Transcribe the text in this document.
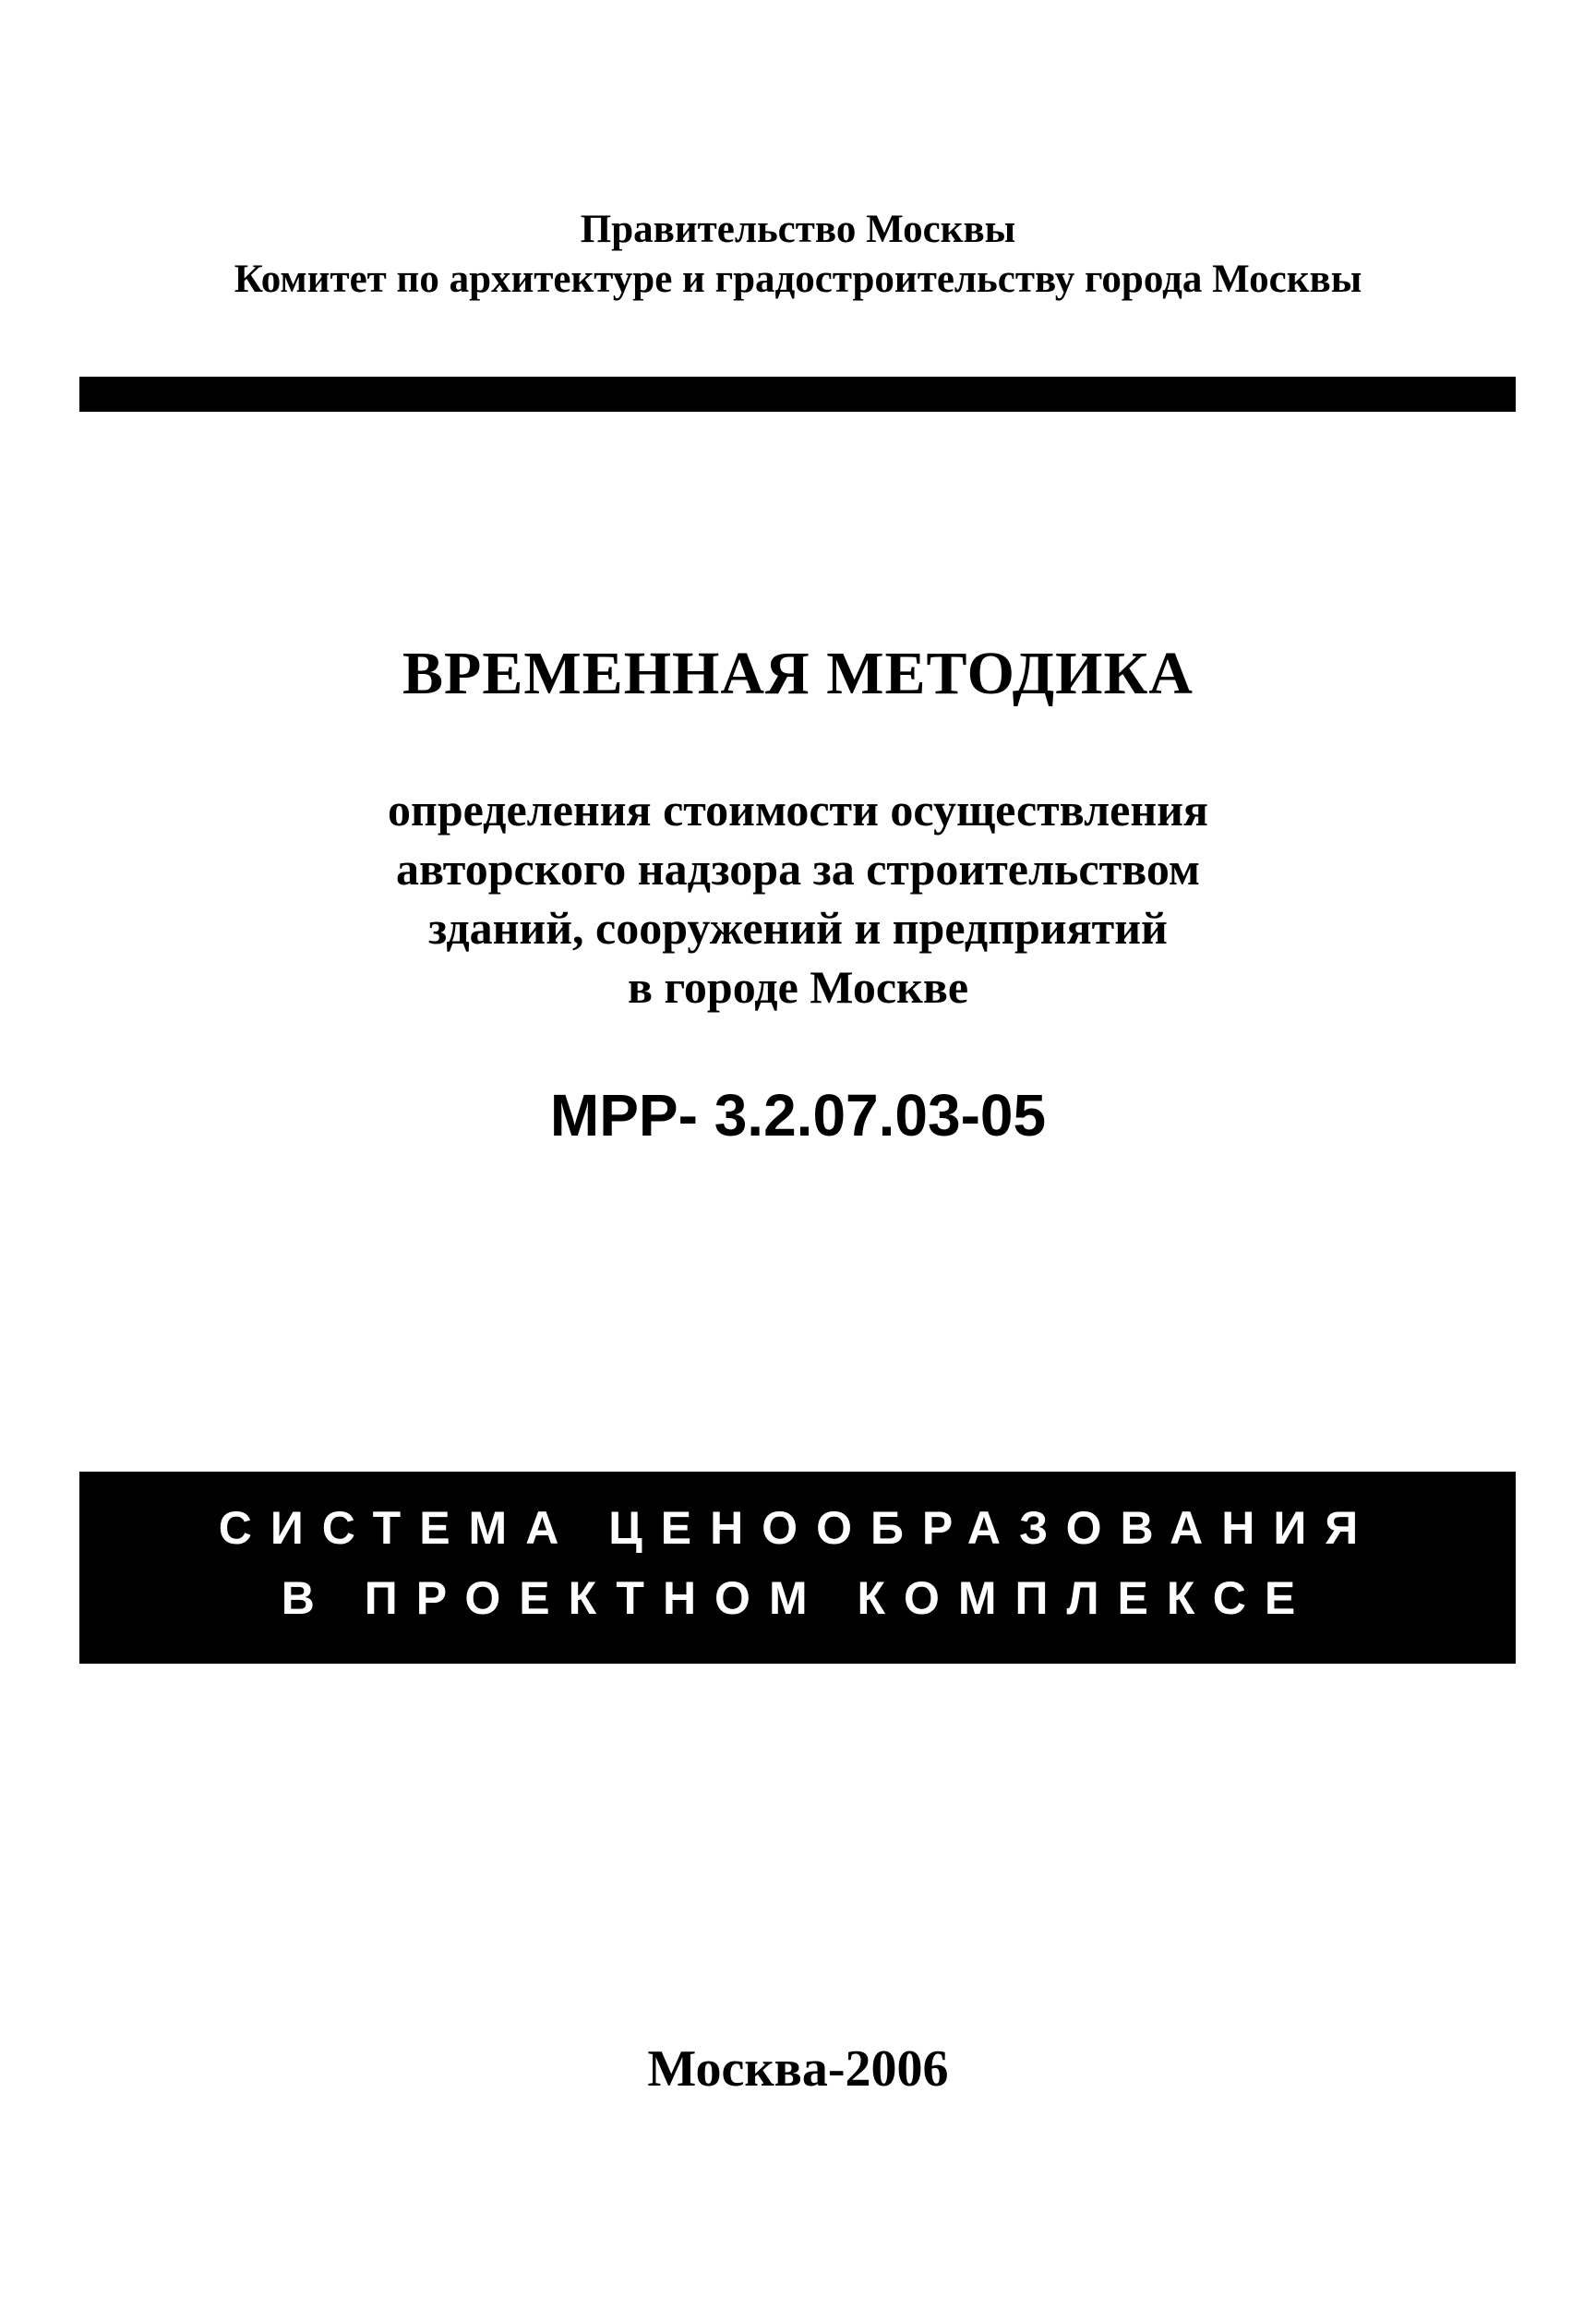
Правительство Москвы
Комитет по архитектуре и градостроительству города Москвы
ВРЕМЕННАЯ МЕТОДИКА
определения стоимости осуществления
авторского надзора за строительством
зданий, сооружений и предприятий
в городе Москве
МРР- 3.2.07.03-05
СИСТЕМА ЦЕНООБРАЗОВАНИЯ
В ПРОЕКТНОМ КОМПЛЕКСЕ
Москва-2006
